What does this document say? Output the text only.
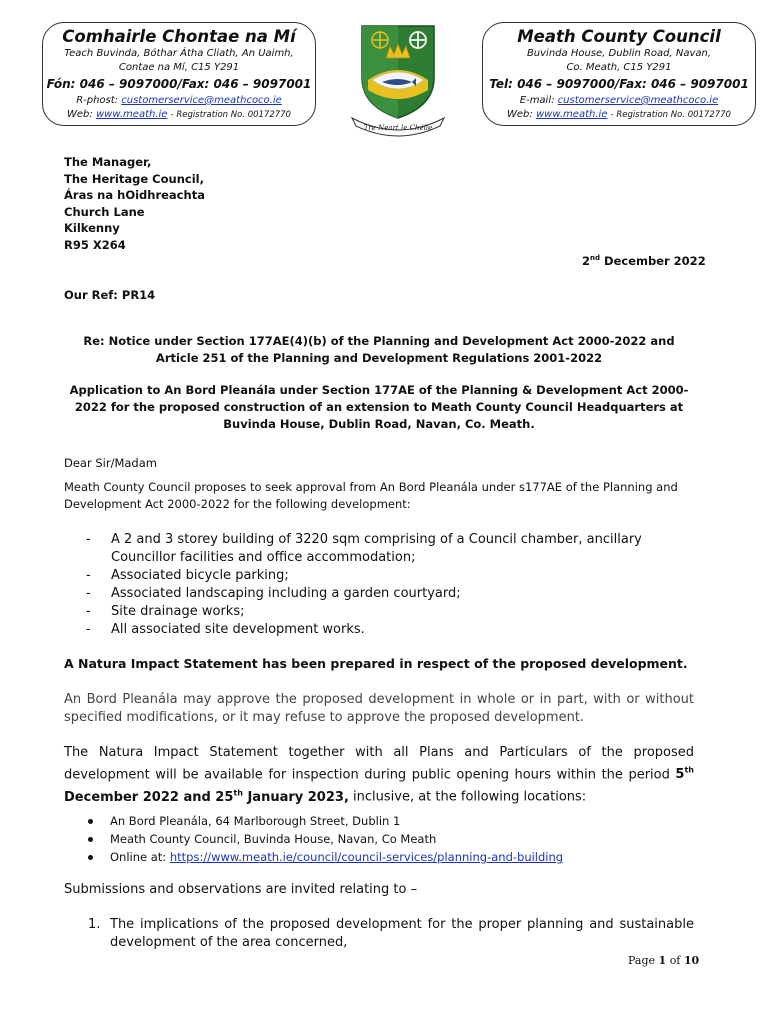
Comhairle Chontae na Mí
Teach Buvinda, Bóthar Átha Cliath, An Uaimh,
Contae na Mí, C15 Y291
Fón: 046 – 9097000/Fax: 046 – 9097001
R-phost: customerservice@meathcoco.ie
Web: www.meath.ie - Registration No. 00172770
Tre Neart le Chéile
Meath County Council
Buvinda House, Dublin Road, Navan,
Co. Meath, C15 Y291
Tel: 046 – 9097000/Fax: 046 – 9097001
E-mail: customerservice@meathcoco.ie
Web: www.meath.ie - Registration No. 00172770
The Manager,
The Heritage Council,
Áras na hOidhreachta
Church Lane
Kilkenny
R95 X264
2nd December 2022
Our Ref: PR14
Re: Notice under Section 177AE(4)(b) of the Planning and Development Act 2000-2022 and
Article 251 of the Planning and Development Regulations 2001-2022
Application to An Bord Pleanála under Section 177AE of the Planning & Development Act 2000-2022 for the proposed construction of an extension to Meath County Council Headquarters at Buvinda House, Dublin Road, Navan, Co. Meath.
Dear Sir/Madam
Meath County Council proposes to seek approval from An Bord Pleanála under s177AE of the Planning and Development Act 2000-2022 for the following development:
- A 2 and 3 storey building of 3220 sqm comprising of a Council chamber, ancillary Councillor facilities and office accommodation;
- Associated bicycle parking;
- Associated landscaping including a garden courtyard;
- Site drainage works;
- All associated site development works.
A Natura Impact Statement has been prepared in respect of the proposed development.
An Bord Pleanála may approve the proposed development in whole or in part, with or without specified modifications, or it may refuse to approve the proposed development.
The Natura Impact Statement together with all Plans and Particulars of the proposed development will be available for inspection during public opening hours within the period 5th December 2022 and 25th January 2023, inclusive, at the following locations:
An Bord Pleanála, 64 Marlborough Street, Dublin 1
Meath County Council, Buvinda House, Navan, Co Meath
Online at: https://www.meath.ie/council/council-services/planning-and-building
Submissions and observations are invited relating to –
1. The implications of the proposed development for the proper planning and sustainable development of the area concerned,
Page 1 of 10
